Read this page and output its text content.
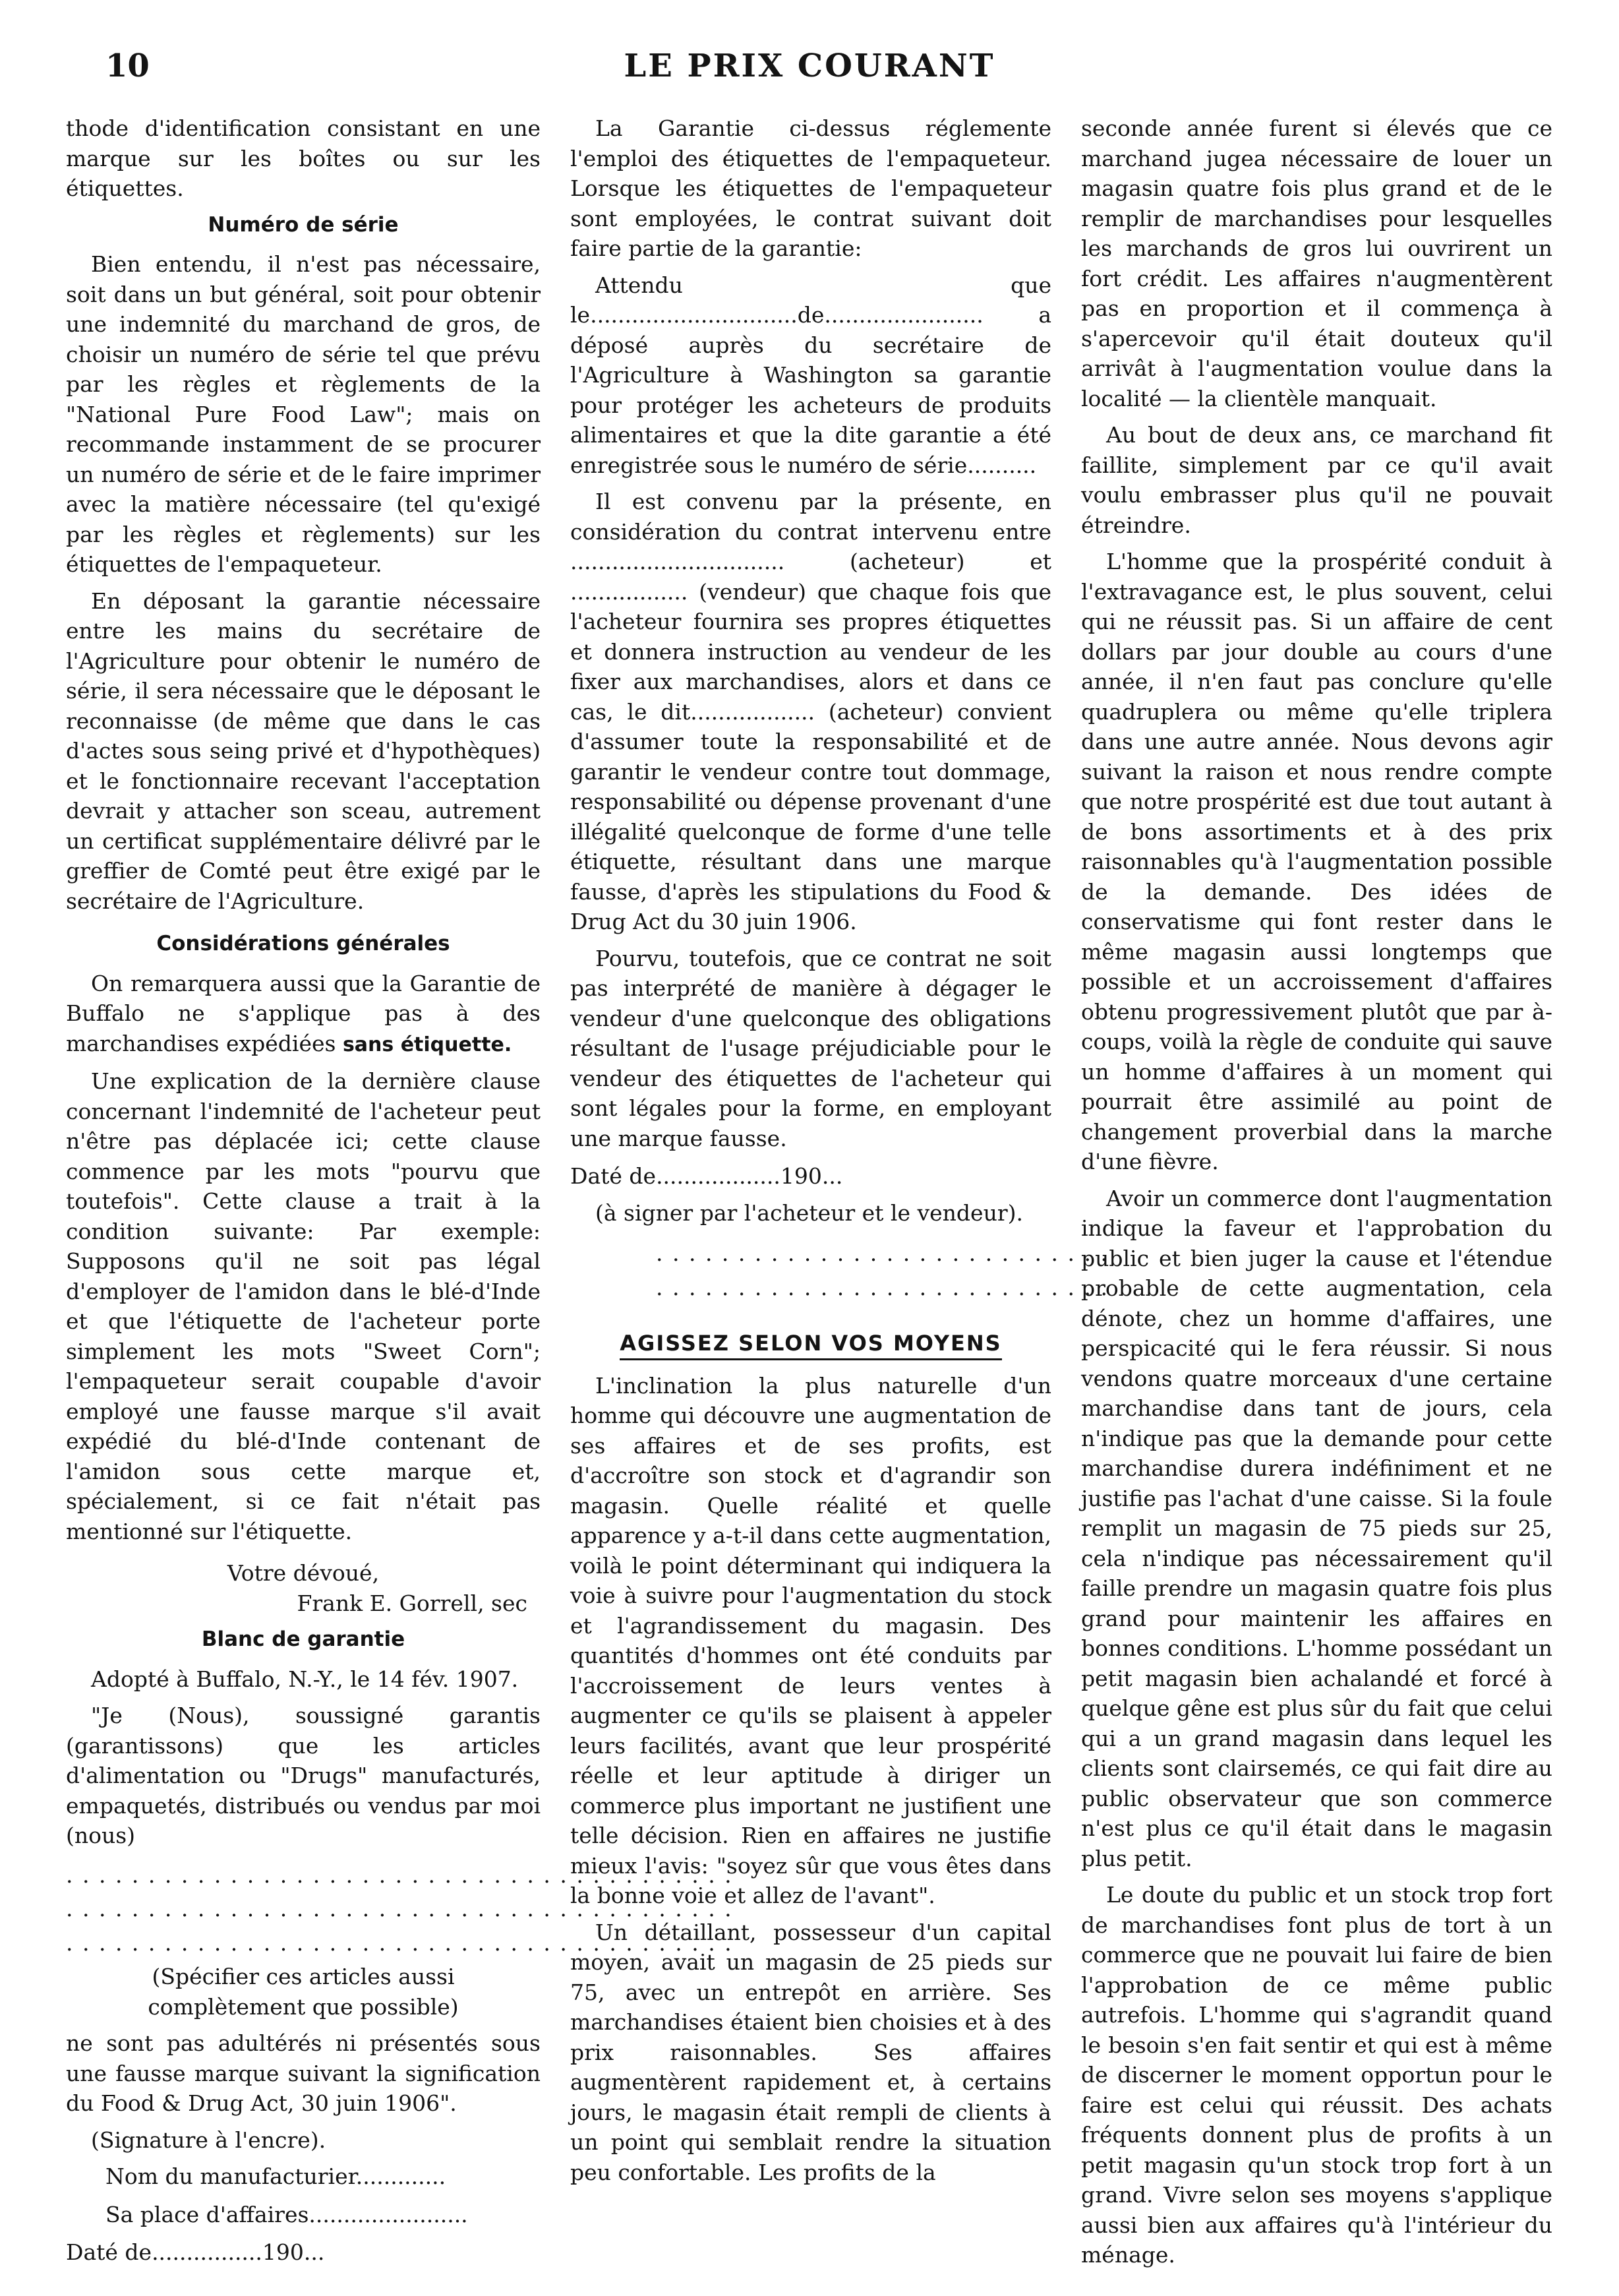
10	LE PRIX COURANT

thode d'identification consistant en une marque sur les boîtes ou sur les étiquettes.

Numéro de série

Bien entendu, il n'est pas nécessaire, soit dans un but général, soit pour obtenir une indemnité du marchand de gros, de choisir un numéro de série tel que prévu par les règles et règlements de la "National Pure Food Law"; mais on recommande instamment de se procurer un numéro de série et de le faire imprimer avec la matière nécessaire (tel qu'exigé par les règles et règlements) sur les étiquettes de l'empaqueteur.

En déposant la garantie nécessaire entre les mains du secrétaire de l'Agriculture pour obtenir le numéro de série, il sera nécessaire que le déposant le reconnaisse (de même que dans le cas d'actes sous seing privé et d'hypothèques) et le fonctionnaire recevant l'acceptation devrait y attacher son sceau, autrement un certificat supplémentaire délivré par le greffier de Comté peut être exigé par le secrétaire de l'Agriculture.

Considérations générales

On remarquera aussi que la Garantie de Buffalo ne s'applique pas à des marchandises expédiées sans étiquette.

Une explication de la dernière clause concernant l'indemnité de l'acheteur peut n'être pas déplacée ici; cette clause commence par les mots "pourvu que toutefois". Cette clause a trait à la condition suivante: Par exemple: Supposons qu'il ne soit pas légal d'employer de l'amidon dans le blé-d'Inde et que l'étiquette de l'acheteur porte simplement les mots "Sweet Corn"; l'empaqueteur serait coupable d'avoir employé une fausse marque s'il avait expédié du blé-d'Inde contenant de l'amidon sous cette marque et, spécialement, si ce fait n'était pas mentionné sur l'étiquette.

Votre dévoué,

Frank E. Gorrell, sec

Blanc de garantie

Adopté à Buffalo, N.-Y., le 14 fév. 1907.

"Je (Nous), soussigné garantis (garantissons) que les articles d'alimentation ou "Drugs" manufacturés, empaquetés, distribués ou vendus par moi (nous)

. . . . . . . . . . . . . . . . . . . . . . . . . . . . . . . . . . . . . . . . .
. . . . . . . . . . . . . . . . . . . . . . . . . . . . . . . . . . . . . . . . .
. . . . . . . . . . . . . . . . . . . . . . . . . . . . . . . . . . . . . . . . .

(Spécifier ces articles aussi complètement que possible)

ne sont pas adultérés ni présentés sous une fausse marque suivant la signification du Food & Drug Act, 30 juin 1906".

(Signature à l'encre).

Nom du manufacturier.............
Sa place d'affaires.......................
Daté de................190...

La Garantie ci-dessus réglemente l'emploi des étiquettes de l'empaqueteur. Lorsque les étiquettes de l'empaqueteur sont employées, le contrat suivant doit faire partie de la garantie:

Attendu que le..............................de....................... a déposé auprès du secrétaire de l'Agriculture à Washington sa garantie pour protéger les acheteurs de produits alimentaires et que la dite garantie a été enregistrée sous le numéro de série..........

Il est convenu par la présente, en considération du contrat intervenu entre ............................... (acheteur) et ................. (vendeur) que chaque fois que l'acheteur fournira ses propres étiquettes et donnera instruction au vendeur de les fixer aux marchandises, alors et dans ce cas, le dit.................. (acheteur) convient d'assumer toute la responsabilité et de garantir le vendeur contre tout dommage, responsabilité ou dépense provenant d'une illégalité quelconque de forme d'une telle étiquette, résultant dans une marque fausse, d'après les stipulations du Food & Drug Act du 30 juin 1906.

Pourvu, toutefois, que ce contrat ne soit pas interprété de manière à dégager le vendeur d'une quelconque des obligations résultant de l'usage préjudiciable pour le vendeur des étiquettes de l'acheteur qui sont légales pour la forme, en employant une marque fausse.

Daté de..................190...

(à signer par l'acheteur et le vendeur).

. . . . . . . . . . . . . . . . . . . . . . . . . . . .
. . . . . . . . . . . . . . . . . . . . . . . . . . . .
AGISSEZ SELON VOS MOYENS

L'inclination la plus naturelle d'un homme qui découvre une augmentation de ses affaires et de ses profits, est d'accroître son stock et d'agrandir son magasin. Quelle réalité et quelle apparence y a-t-il dans cette augmentation, voilà le point déterminant qui indiquera la voie à suivre pour l'augmentation du stock et l'agrandissement du magasin. Des quantités d'hommes ont été conduits par l'accroissement de leurs ventes à augmenter ce qu'ils se plaisent à appeler leurs facilités, avant que leur prospérité réelle et leur aptitude à diriger un commerce plus important ne justifient une telle décision. Rien en affaires ne justifie mieux l'avis: "soyez sûr que vous êtes dans la bonne voie et allez de l'avant".

Un détaillant, possesseur d'un capital moyen, avait un magasin de 25 pieds sur 75, avec un entrepôt en arrière. Ses marchandises étaient bien choisies et à des prix raisonnables. Ses affaires augmentèrent rapidement et, à certains jours, le magasin était rempli de clients à un point qui semblait rendre la situation peu confortable. Les profits de la

seconde année furent si élevés que ce marchand jugea nécessaire de louer un magasin quatre fois plus grand et de le remplir de marchandises pour lesquelles les marchands de gros lui ouvrirent un fort crédit. Les affaires n'augmentèrent pas en proportion et il commença à s'apercevoir qu'il était douteux qu'il arrivât à l'augmentation voulue dans la localité — la clientèle manquait.

Au bout de deux ans, ce marchand fit faillite, simplement par ce qu'il avait voulu embrasser plus qu'il ne pouvait étreindre.

L'homme que la prospérité conduit à l'extravagance est, le plus souvent, celui qui ne réussit pas. Si un affaire de cent dollars par jour double au cours d'une année, il n'en faut pas conclure qu'elle quadruplera ou même qu'elle triplera dans une autre année. Nous devons agir suivant la raison et nous rendre compte que notre prospérité est due tout autant à de bons assortiments et à des prix raisonnables qu'à l'augmentation possible de la demande. Des idées de conservatisme qui font rester dans le même magasin aussi longtemps que possible et un accroissement d'affaires obtenu progressivement plutôt que par à-coups, voilà la règle de conduite qui sauve un homme d'affaires à un moment qui pourrait être assimilé au point de changement proverbial dans la marche d'une fièvre.

Avoir un commerce dont l'augmentation indique la faveur et l'approbation du public et bien juger la cause et l'étendue probable de cette augmentation, cela dénote, chez un homme d'affaires, une perspicacité qui le fera réussir. Si nous vendons quatre morceaux d'une certaine marchandise dans tant de jours, cela n'indique pas que la demande pour cette marchandise durera indéfiniment et ne justifie pas l'achat d'une caisse. Si la foule remplit un magasin de 75 pieds sur 25, cela n'indique pas nécessairement qu'il faille prendre un magasin quatre fois plus grand pour maintenir les affaires en bonnes conditions. L'homme possédant un petit magasin bien achalandé et forcé à quelque gêne est plus sûr du fait que celui qui a un grand magasin dans lequel les clients sont clairsemés, ce qui fait dire au public observateur que son commerce n'est plus ce qu'il était dans le magasin plus petit.

Le doute du public et un stock trop fort de marchandises font plus de tort à un commerce que ne pouvait lui faire de bien l'approbation de ce même public autrefois. L'homme qui s'agrandit quand le besoin s'en fait sentir et qui est à même de discerner le moment opportun pour le faire est celui qui réussit. Des achats fréquents donnent plus de profits à un petit magasin qu'un stock trop fort à un grand. Vivre selon ses moyens s'applique aussi bien aux affaires qu'à l'intérieur du ménage.
